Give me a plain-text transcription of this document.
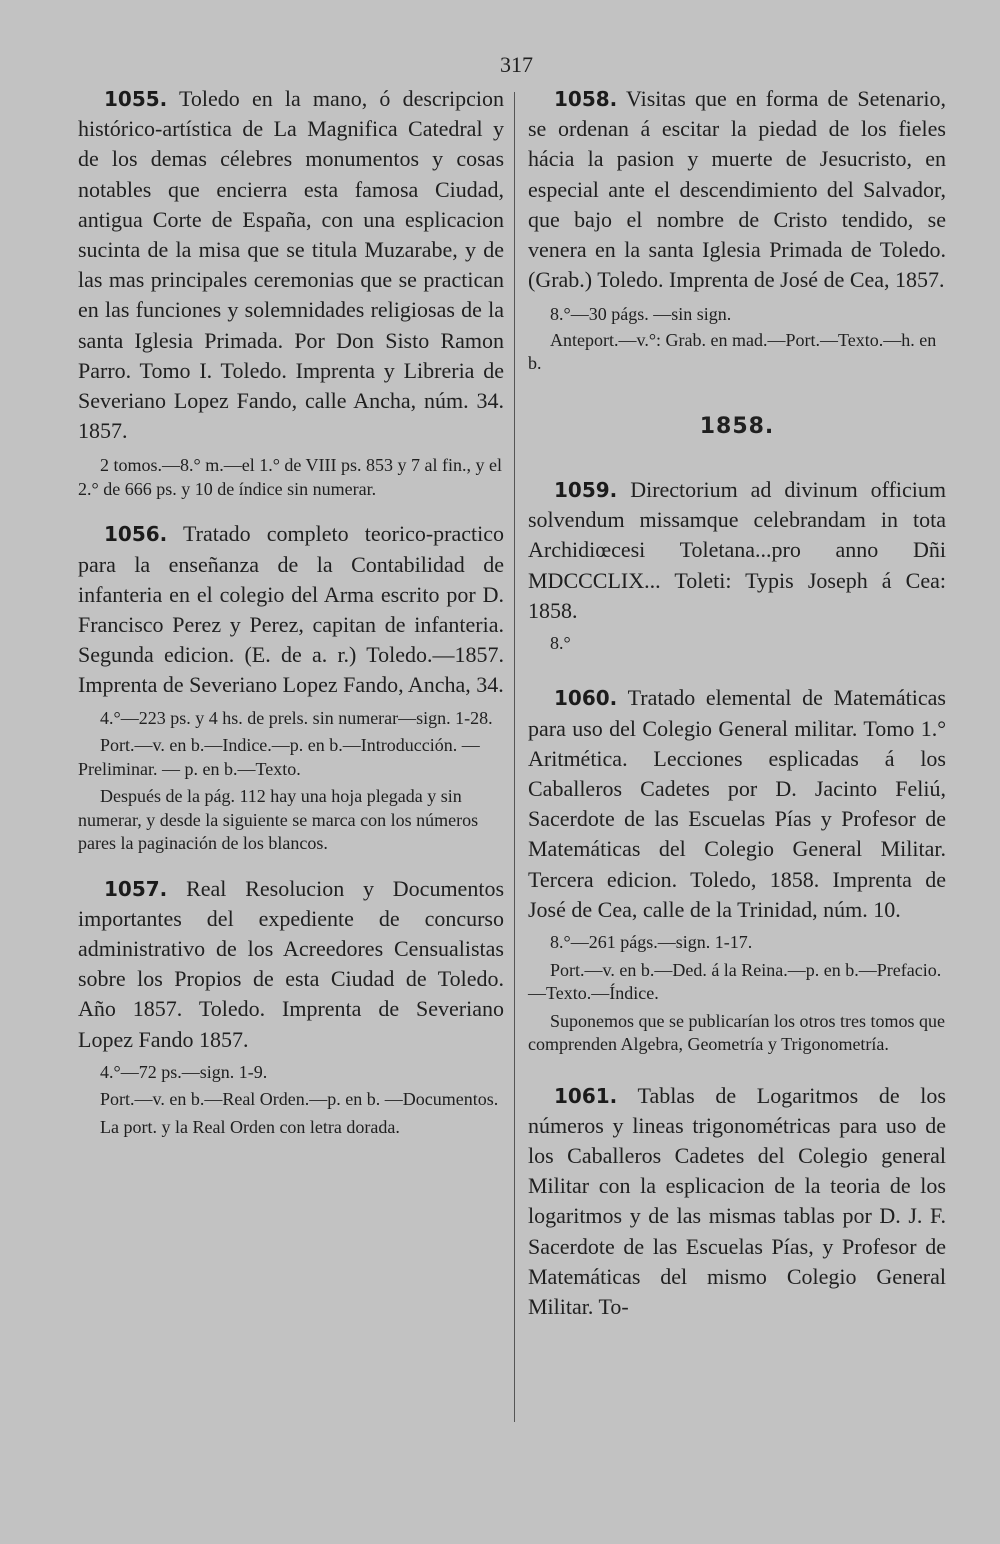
317

1055. Toledo en la mano, ó descripcion histórico-artística de La Magnifica Catedral y de los demas célebres monumentos y cosas notables que encierra esta famosa Ciudad, antigua Corte de España, con una esplicacion sucinta de la misa que se titula Muzarabe, y de las mas principales ceremonias que se practican en las funciones y solemnidades religiosas de la santa Iglesia Primada. Por Don Sisto Ramon Parro. Tomo I. Toledo. Imprenta y Libreria de Severiano Lopez Fando, calle Ancha, núm. 34. 1857.

2 tomos.—8.° m.—el 1.° de VIII ps. 853 y 7 al fin., y el 2.° de 666 ps. y 10 de índice sin numerar.

1056. Tratado completo teorico-practico para la enseñanza de la Contabilidad de infanteria en el colegio del Arma escrito por D. Francisco Perez y Perez, capitan de infanteria. Segunda edicion. (E. de a. r.) Toledo.—1857. Imprenta de Severiano Lopez Fando, Ancha, 34.

4.°—223 ps. y 4 hs. de prels. sin numerar—sign. 1-28.

Port.—v. en b.—Indice.—p. en b.—Introducción. — Preliminar. — p. en b.—Texto.

Después de la pág. 112 hay una hoja plegada y sin numerar, y desde la siguiente se marca con los números pares la paginación de los blancos.

1057. Real Resolucion y Documentos importantes del expediente de concurso administrativo de los Acreedores Censualistas sobre los Propios de esta Ciudad de Toledo. Año 1857. Toledo. Imprenta de Severiano Lopez Fando 1857.

4.°—72 ps.—sign. 1-9.

Port.—v. en b.—Real Orden.—p. en b. —Documentos.

La port. y la Real Orden con letra dorada.

1058. Visitas que en forma de Setenario, se ordenan á escitar la piedad de los fieles hácia la pasion y muerte de Jesucristo, en especial ante el descendimiento del Salvador, que bajo el nombre de Cristo tendido, se venera en la santa Iglesia Primada de Toledo. (Grab.) Toledo. Imprenta de José de Cea, 1857.

8.°—30 págs. —sin sign.

Anteport.—v.°: Grab. en mad.—Port.—Texto.—h. en b.

1858.

1059. Directorium ad divinum officium solvendum missamque celebrandam in tota Archidiœcesi Toletana...pro anno Dñi MDCCCLIX... Toleti: Typis Joseph á Cea: 1858.

8.°

1060. Tratado elemental de Matemáticas para uso del Colegio General militar. Tomo 1.° Aritmética. Lecciones esplicadas á los Caballeros Cadetes por D. Jacinto Feliú, Sacerdote de las Escuelas Pías y Profesor de Matemáticas del Colegio General Militar. Tercera edicion. Toledo, 1858. Imprenta de José de Cea, calle de la Trinidad, núm. 10.

8.°—261 págs.—sign. 1-17.

Port.—v. en b.—Ded. á la Reina.—p. en b.—Prefacio.—Texto.—Índice.

Suponemos que se publicarían los otros tres tomos que comprenden Algebra, Geometría y Trigonometría.

1061. Tablas de Logaritmos de los números y lineas trigonométricas para uso de los Caballeros Cadetes del Colegio general Militar con la esplicacion de la teoria de los logaritmos y de las mismas tablas por D. J. F. Sacerdote de las Escuelas Pías, y Profesor de Matemáticas del mismo Colegio General Militar. To-
